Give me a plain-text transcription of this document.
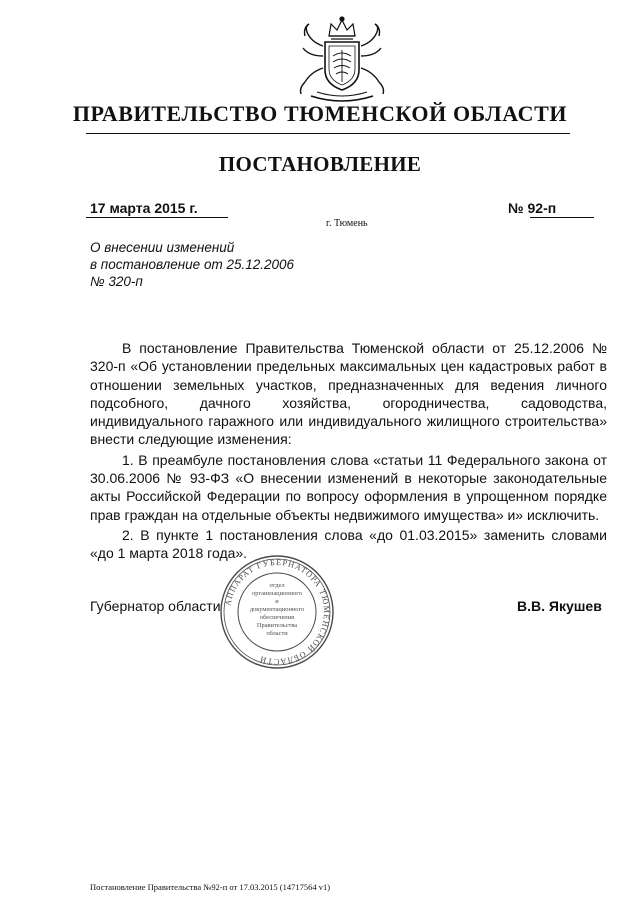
ПРАВИТЕЛЬСТВО ТЮМЕНСКОЙ ОБЛАСТИ
ПОСТАНОВЛЕНИЕ
17 марта 2015 г.	№ 92-п
г. Тюмень
О внесении изменений
в постановление от 25.12.2006
№ 320-п

В постановление Правительства Тюменской области от 25.12.2006 № 320-п «Об установлении предельных максимальных цен кадастровых работ в отношении земельных участков, предназначенных для ведения личного подсобного, дачного хозяйства, огородничества, садоводства, индивидуального гаражного или индивидуального жилищного строительства» внести следующие изменения:

1. В преамбуле постановления слова «статьи 11 Федерального закона от 30.06.2006 № 93-ФЗ «О внесении изменений в некоторые законодательные акты Российской Федерации по вопросу оформления в упрощенном порядке прав граждан на отдельные объекты недвижимого имущества» и» исключить.

2. В пункте 1 постановления слова «до 01.03.2015» заменить словами «до 1 марта 2018 года».

Губернатор области	В.В. Якушев
АППАРАТ ГУБЕРНАТОРА ТЮМЕНСКОЙ ОБЛАСТИ
отдел
организационного
и
документационного
обеспечения
Правительства
области
Постановление Правительства №92-п от 17.03.2015 (14717564 v1)
